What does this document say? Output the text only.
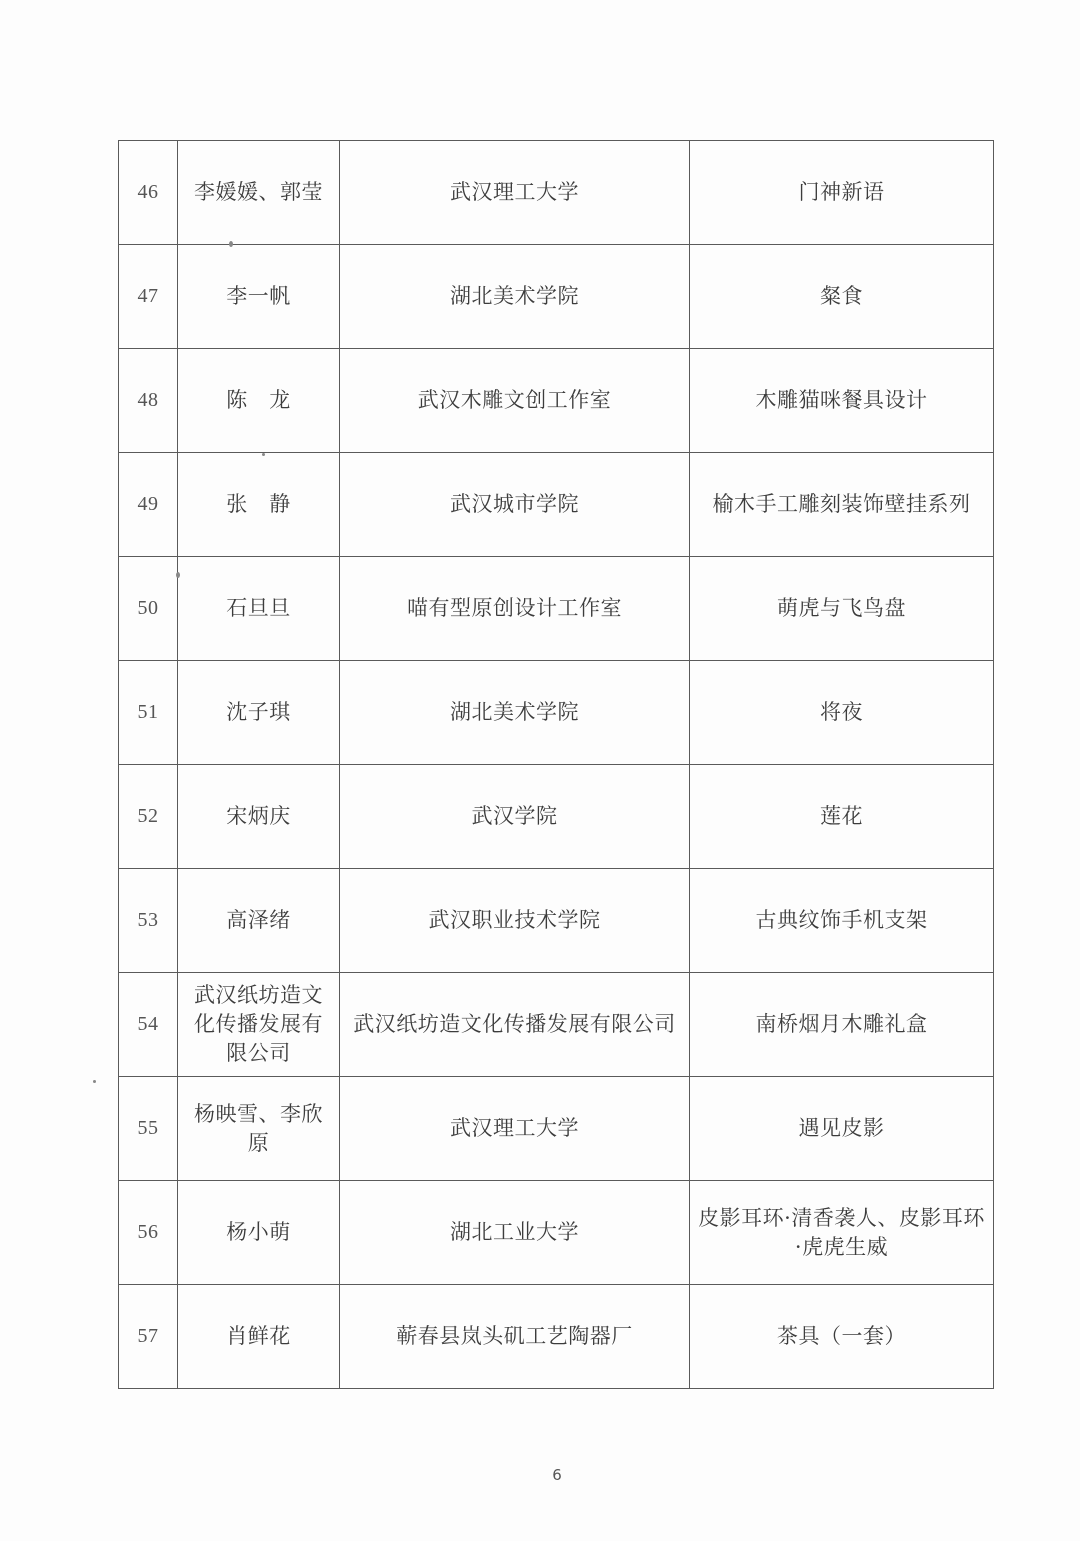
46	李媛媛、郭莹	武汉理工大学	门神新语
47	李一帆	湖北美术学院	粲食
48	陈　龙	武汉木雕文创工作室	木雕猫咪餐具设计
49	张　静	武汉城市学院	榆木手工雕刻装饰壁挂系列
50	石旦旦	喵有型原创设计工作室	萌虎与飞鸟盘
51	沈子琪	湖北美术学院	将夜
52	宋炳庆	武汉学院	莲花
53	高泽绪	武汉职业技术学院	古典纹饰手机支架
54	武汉纸坊造文化传播发展有限公司	武汉纸坊造文化传播发展有限公司	南桥烟月木雕礼盒
55	杨映雪、李欣原	武汉理工大学	遇见皮影
56	杨小萌	湖北工业大学	皮影耳环·清香袭人、皮影耳环·虎虎生威
57	肖鲜花	蕲春县岚头矶工艺陶器厂	茶具（一套）
6
